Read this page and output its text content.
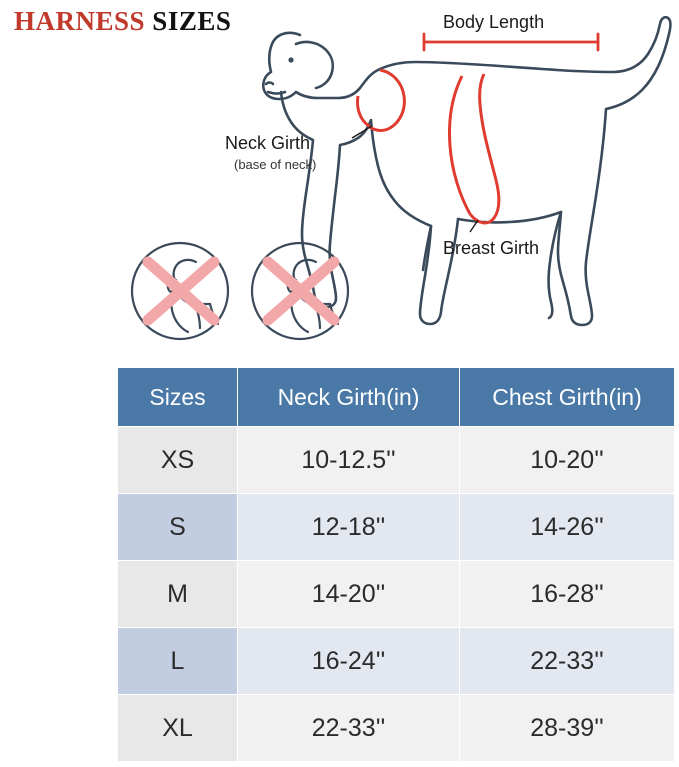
HARNESS SIZES	Body Length
Neck Girth
(base of neck)
Breast Girth
Sizes	Neck Girth(in)	Chest Girth(in)
XS	10-12.5''	10-20''
S	12-18''	14-26''
M	14-20''	16-28''
L	16-24''	22-33''
XL	22-33''	28-39''
